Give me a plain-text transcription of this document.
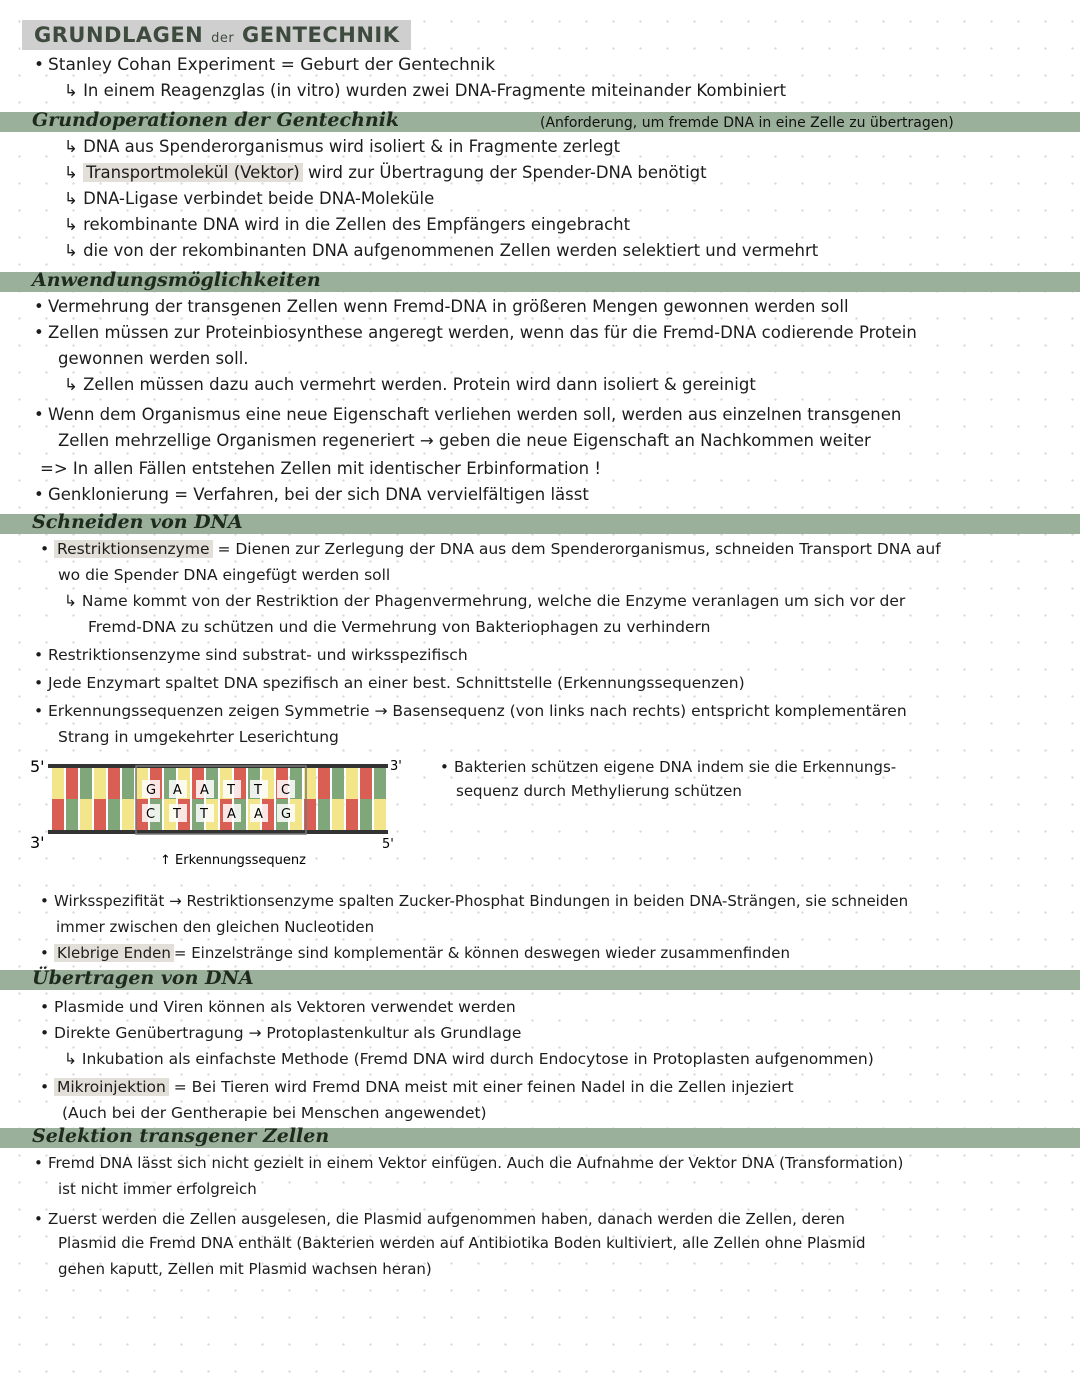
GRUNDLAGEN der GENTECHNIK
• Stanley Cohan Experiment = Geburt der Gentechnik
↳ In einem Reagenzglas (in vitro) wurden zwei DNA-Fragmente miteinander Kombiniert
Grundoperationen der Gentechnik	(Anforderung, um fremde DNA in eine Zelle zu übertragen)
↳ DNA aus Spenderorganismus wird isoliert & in Fragmente zerlegt
↳ Transportmolekül (Vektor) wird zur Übertragung der Spender-DNA benötigt
↳ DNA-Ligase verbindet beide DNA-Moleküle
↳ rekombinante DNA wird in die Zellen des Empfängers eingebracht
↳ die von der rekombinanten DNA aufgenommenen Zellen werden selektiert und vermehrt
Anwendungsmöglichkeiten
• Vermehrung der transgenen Zellen wenn Fremd-DNA in größeren Mengen gewonnen werden soll
• Zellen müssen zur Proteinbiosynthese angeregt werden, wenn das für die Fremd-DNA codierende Protein
gewonnen werden soll.
↳ Zellen müssen dazu auch vermehrt werden. Protein wird dann isoliert & gereinigt
• Wenn dem Organismus eine neue Eigenschaft verliehen werden soll, werden aus einzelnen transgenen
Zellen mehrzellige Organismen regeneriert → geben die neue Eigenschaft an Nachkommen weiter
=> In allen Fällen entstehen Zellen mit identischer Erbinformation !
• Genklonierung = Verfahren, bei der sich DNA vervielfältigen lässt
Schneiden von DNA
• Restriktionsenzyme = Dienen zur Zerlegung der DNA aus dem Spenderorganismus, schneiden Transport DNA auf
wo die Spender DNA eingefügt werden soll
↳ Name kommt von der Restriktion der Phagenvermehrung, welche die Enzyme veranlagen um sich vor der
Fremd-DNA zu schützen und die Vermehrung von Bakteriophagen zu verhindern
• Restriktionsenzyme sind substrat- und wirksspezifisch
• Jede Enzymart spaltet DNA spezifisch an einer best. Schnittstelle (Erkennungssequenzen)
• Erkennungssequenzen zeigen Symmetrie → Basensequenz (von links nach rechts) entspricht komplementären
Strang in umgekehrter Leserichtung
5'
3'
3'
5'
G A A T T C
C T T A A G
↑ Erkennungssequenz
• Bakterien schützen eigene DNA indem sie die Erkennungs-
sequenz durch Methylierung schützen
• Wirksspezifität → Restriktionsenzyme spalten Zucker-Phosphat Bindungen in beiden DNA-Strängen, sie schneiden
immer zwischen den gleichen Nucleotiden
• Klebrige Enden = Einzelstränge sind komplementär & können deswegen wieder zusammenfinden
Übertragen von DNA
• Plasmide und Viren können als Vektoren verwendet werden
• Direkte Genübertragung → Protoplastenkultur als Grundlage
↳ Inkubation als einfachste Methode (Fremd DNA wird durch Endocytose in Protoplasten aufgenommen)
• Mikroinjektion = Bei Tieren wird Fremd DNA meist mit einer feinen Nadel in die Zellen injeziert
(Auch bei der Gentherapie bei Menschen angewendet)
Selektion transgener Zellen
• Fremd DNA lässt sich nicht gezielt in einem Vektor einfügen. Auch die Aufnahme der Vektor DNA (Transformation)
ist nicht immer erfolgreich
• Zuerst werden die Zellen ausgelesen, die Plasmid aufgenommen haben, danach werden die Zellen, deren
Plasmid die Fremd DNA enthält (Bakterien werden auf Antibiotika Boden kultiviert, alle Zellen ohne Plasmid
gehen kaputt, Zellen mit Plasmid wachsen heran)
